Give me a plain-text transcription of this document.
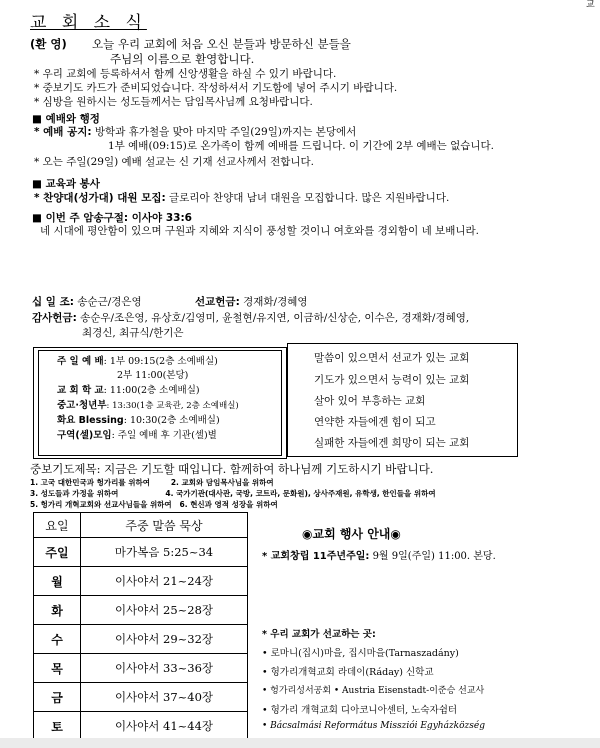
교
교 회 소 식
(환 영) 오늘 우리 교회에 처음 오신 분들과 방문하신 분들을
주님의 이름으로 환영합니다.
* 우리 교회에 등록하셔서 함께 신앙생활을 하실 수 있기 바랍니다.
* 중보기도 카드가 준비되었습니다. 작성하셔서 기도함에 넣어 주시기 바랍니다.
* 심방을 원하시는 성도들께서는 담임목사님께 요청바랍니다.
■ 예배와 행정
* 예배 공지: 방학과 휴가철을 맞아 마지막 주일(29일)까지는 본당에서
1부 예배(09:15)로 온가족이 함께 예배를 드립니다. 이 기간에 2부 예배는 없습니다.
* 오는 주일(29일) 예배 설교는 신 기재 선교사께서 전합니다.
■ 교육과 봉사
* 찬양대(성가대) 대원 모집: 글로리아 찬양대 남녀 대원을 모집합니다. 많은 지원바랍니다.
■ 이번 주 암송구절: 이사야 33:6
네 시대에 평안함이 있으며 구원과 지혜와 지식이 풍성할 것이니 여호와를 경외함이 네 보배니라.
십 일 조: 송순근/경은영	선교헌금: 경재화/경혜영
감사헌금: 송순우/조은영, 유상호/김영미, 윤철현/유지연, 이금하/신상순, 이수은, 경재화/경혜영,
최경신, 최규식/한기은
주 일 예 배: 1부 09:15(2층 소예배실)
2부 11:00(본당)
교 회 학 교: 11:00(2층 소예배실)
중고·청년부: 13:30(1층 교육관, 2층 소예배실)
화요 Blessing: 10:30(2층 소예배실)
구역(셀)모임: 주일 예배 후 기관(셀)별
말씀이 있으면서 선교가 있는 교회
기도가 있으면서 능력이 있는 교회
살아 있어 부흥하는 교회
연약한 자들에겐 힘이 되고
실패한 자들에겐 희망이 되는 교회
중보기도제목: 지금은 기도할 때입니다. 함께하여 하나님께 기도하시기 바랍니다.
1. 고국 대한민국과 헝가리를 위하여        2. 교회와 담임목사님을 위하여
3. 성도들과 가정을 위하여                  4. 국가기관(대사관, 국방, 코트라, 문화원), 상사주재원, 유학생, 한인들을 위하여
5. 헝가리 개혁교회와 선교사님들을 위하여   6. 현신과 영적 성장을 위하여
요일	주중 말씀 묵상
주일	마가복음 5:25~34
월	이사야서 21~24장
화	이사야서 25~28장
수	이사야서 29~32장
목	이사야서 33~36장
금	이사야서 37~40장
토	이사야서 41~44장
◉교회 행사 안내◉
* 교회창립 11주년주일: 9월 9일(주일) 11:00. 본당.
* 우리 교회가 선교하는 곳:
• 로마니(집시)마을, 집시마을(Tarnaszadány)
• 헝가리개혁교회 라데이(Ráday) 신학교
• 헝가리성서공회 • Austria Eisenstadt-이준승 선교사
• 헝가리 개혁교회 디아코니아센터, 노숙자쉼터
• Bácsalmási Református Missziói Egyházközség
